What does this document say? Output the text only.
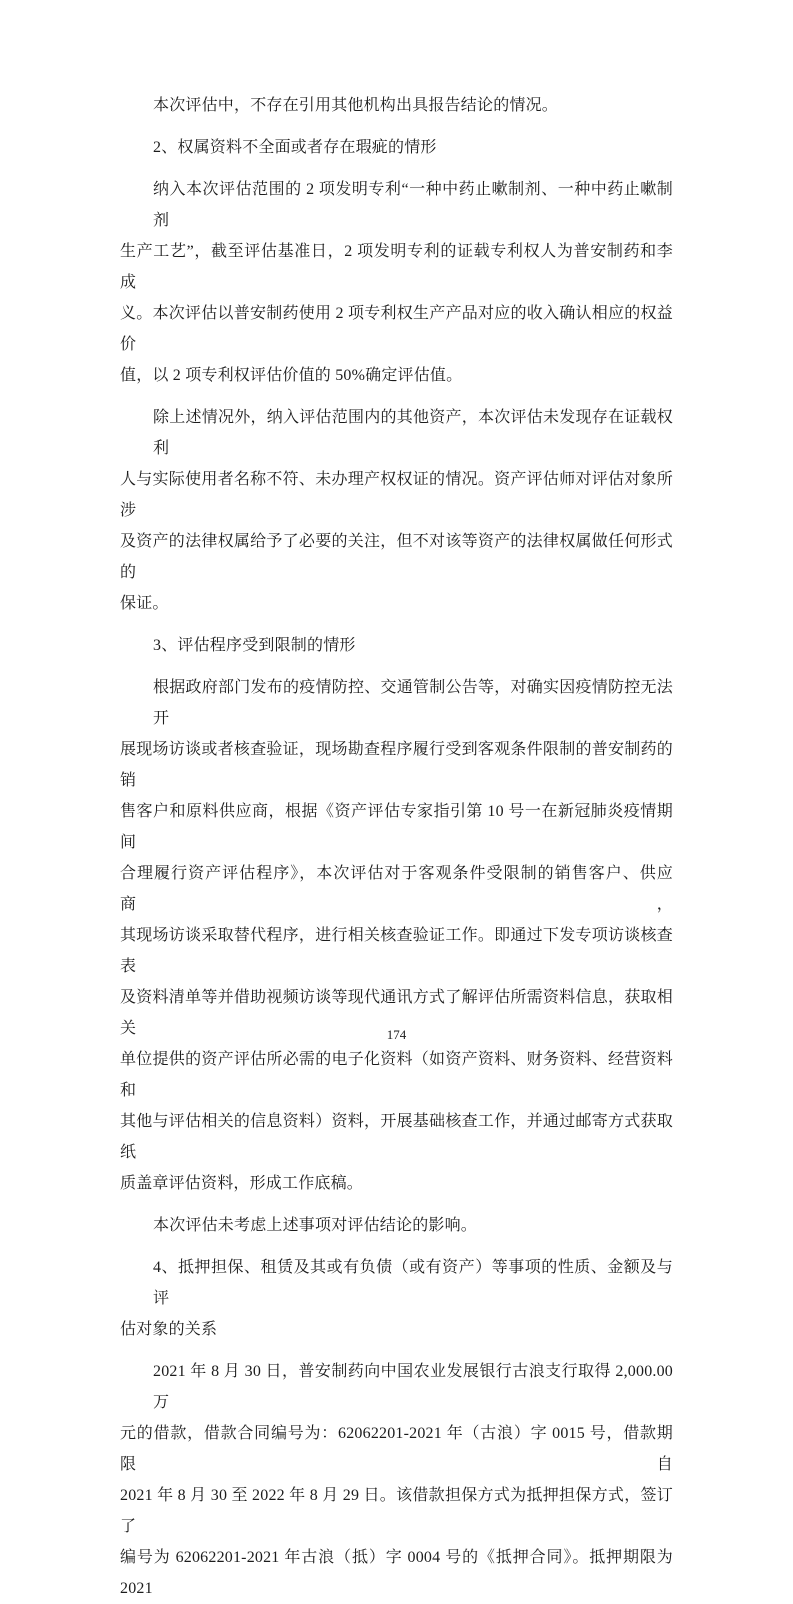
本次评估中，不存在引用其他机构出具报告结论的情况。
2、权属资料不全面或者存在瑕疵的情形
纳入本次评估范围的 2 项发明专利“一种中药止嗽制剂、一种中药止嗽制剂
生产工艺”，截至评估基准日，2 项发明专利的证载专利权人为普安制药和李成
义。本次评估以普安制药使用 2 项专利权生产产品对应的收入确认相应的权益价
值，以 2 项专利权评估价值的 50%确定评估值。
除上述情况外，纳入评估范围内的其他资产，本次评估未发现存在证载权利
人与实际使用者名称不符、未办理产权权证的情况。资产评估师对评估对象所涉
及资产的法律权属给予了必要的关注，但不对该等资产的法律权属做任何形式的
保证。
3、评估程序受到限制的情形
根据政府部门发布的疫情防控、交通管制公告等，对确实因疫情防控无法开
展现场访谈或者核查验证，现场勘查程序履行受到客观条件限制的普安制药的销
售客户和原料供应商，根据《资产评估专家指引第 10 号一在新冠肺炎疫情期间
合理履行资产评估程序》，本次评估对于客观条件受限制的销售客户、供应商，
其现场访谈采取替代程序，进行相关核查验证工作。即通过下发专项访谈核查表
及资料清单等并借助视频访谈等现代通讯方式了解评估所需资料信息，获取相关
单位提供的资产评估所必需的电子化资料（如资产资料、财务资料、经营资料和
其他与评估相关的信息资料）资料，开展基础核查工作，并通过邮寄方式获取纸
质盖章评估资料，形成工作底稿。
本次评估未考虑上述事项对评估结论的影响。
4、抵押担保、租赁及其或有负债（或有资产）等事项的性质、金额及与评
估对象的关系
2021 年 8 月 30 日，普安制药向中国农业发展银行古浪支行取得 2,000.00 万
元的借款，借款合同编号为：62062201-2021 年（古浪）字 0015 号，借款期限自
2021 年 8 月 30 至 2022 年 8 月 29 日。该借款担保方式为抵押担保方式，签订了
编号为 62062201-2021 年古浪（抵）字 0004 号的《抵押合同》。抵押期限为 2021
174
